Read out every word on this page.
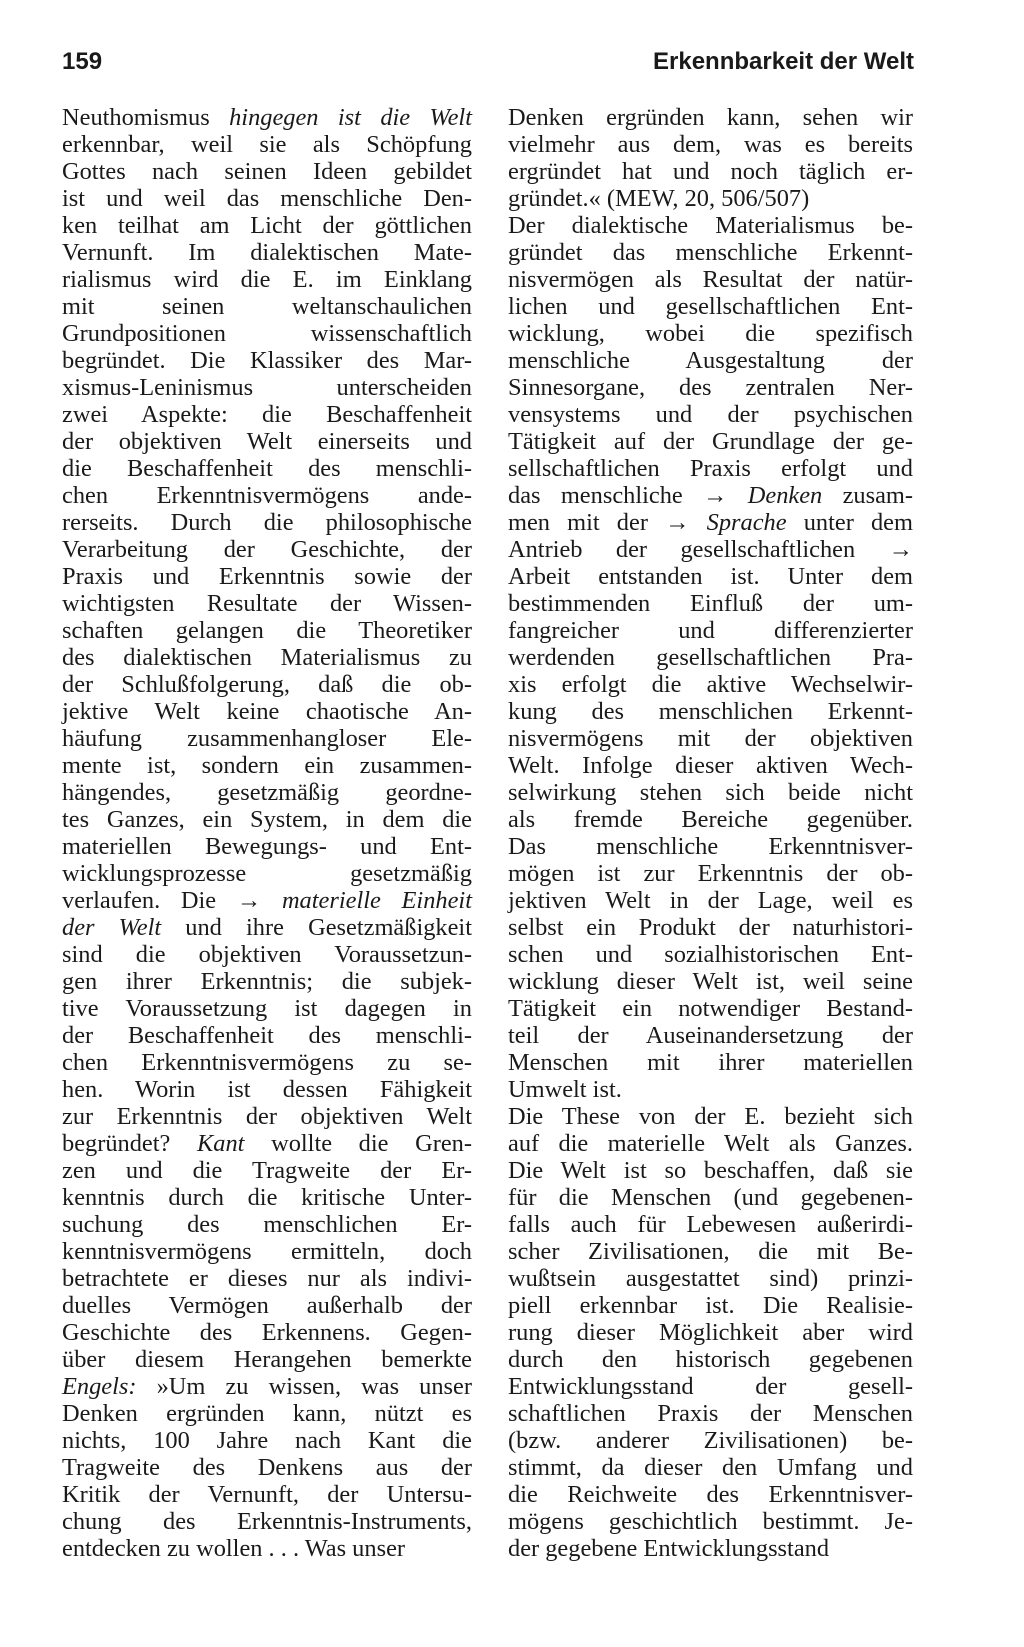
159	Erkennbarkeit der Welt
Neuthomismus hingegen ist die Welt
erkennbar, weil sie als Schöpfung
Gottes nach seinen Ideen gebildet
ist und weil das menschliche Den-
ken teilhat am Licht der göttlichen
Vernunft. Im dialektischen Mate-
rialismus wird die E. im Einklang
mit seinen weltanschaulichen
Grundpositionen wissenschaftlich
begründet. Die Klassiker des Mar-
xismus-Leninismus unterscheiden
zwei Aspekte: die Beschaffenheit
der objektiven Welt einerseits und
die Beschaffenheit des menschli-
chen Erkenntnisvermögens ande-
rerseits. Durch die philosophische
Verarbeitung der Geschichte, der
Praxis und Erkenntnis sowie der
wichtigsten Resultate der Wissen-
schaften gelangen die Theoretiker
des dialektischen Materialismus zu
der Schlußfolgerung, daß die ob-
jektive Welt keine chaotische An-
häufung zusammenhangloser Ele-
mente ist, sondern ein zusammen-
hängendes, gesetzmäßig geordne-
tes Ganzes, ein System, in dem die
materiellen Bewegungs- und Ent-
wicklungsprozesse gesetzmäßig
verlaufen. Die → materielle Einheit
der Welt und ihre Gesetzmäßigkeit
sind die objektiven Voraussetzun-
gen ihrer Erkenntnis; die subjek-
tive Voraussetzung ist dagegen in
der Beschaffenheit des menschli-
chen Erkenntnisvermögens zu se-
hen. Worin ist dessen Fähigkeit
zur Erkenntnis der objektiven Welt
begründet? Kant wollte die Gren-
zen und die Tragweite der Er-
kenntnis durch die kritische Unter-
suchung des menschlichen Er-
kenntnisvermögens ermitteln, doch
betrachtete er dieses nur als indivi-
duelles Vermögen außerhalb der
Geschichte des Erkennens. Gegen-
über diesem Herangehen bemerkte
Engels: »Um zu wissen, was unser
Denken ergründen kann, nützt es
nichts, 100 Jahre nach Kant die
Tragweite des Denkens aus der
Kritik der Vernunft, der Untersu-
chung des Erkenntnis-Instruments,
entdecken zu wollen . . . Was unser
Denken ergründen kann, sehen wir
vielmehr aus dem, was es bereits
ergründet hat und noch täglich er-
gründet.« (MEW, 20, 506/507)
Der dialektische Materialismus be-
gründet das menschliche Erkennt-
nisvermögen als Resultat der natür-
lichen und gesellschaftlichen Ent-
wicklung, wobei die spezifisch
menschliche Ausgestaltung der
Sinnesorgane, des zentralen Ner-
vensystems und der psychischen
Tätigkeit auf der Grundlage der ge-
sellschaftlichen Praxis erfolgt und
das menschliche → Denken zusam-
men mit der → Sprache unter dem
Antrieb der gesellschaftlichen →
Arbeit entstanden ist. Unter dem
bestimmenden Einfluß der um-
fangreicher und differenzierter
werdenden gesellschaftlichen Pra-
xis erfolgt die aktive Wechselwir-
kung des menschlichen Erkennt-
nisvermögens mit der objektiven
Welt. Infolge dieser aktiven Wech-
selwirkung stehen sich beide nicht
als fremde Bereiche gegenüber.
Das menschliche Erkenntnisver-
mögen ist zur Erkenntnis der ob-
jektiven Welt in der Lage, weil es
selbst ein Produkt der naturhistori-
schen und sozialhistorischen Ent-
wicklung dieser Welt ist, weil seine
Tätigkeit ein notwendiger Bestand-
teil der Auseinandersetzung der
Menschen mit ihrer materiellen
Umwelt ist.
Die These von der E. bezieht sich
auf die materielle Welt als Ganzes.
Die Welt ist so beschaffen, daß sie
für die Menschen (und gegebenen-
falls auch für Lebewesen außerirdi-
scher Zivilisationen, die mit Be-
wußtsein ausgestattet sind) prinzi-
piell erkennbar ist. Die Realisie-
rung dieser Möglichkeit aber wird
durch den historisch gegebenen
Entwicklungsstand der gesell-
schaftlichen Praxis der Menschen
(bzw. anderer Zivilisationen) be-
stimmt, da dieser den Umfang und
die Reichweite des Erkenntnisver-
mögens geschichtlich bestimmt. Je-
der gegebene Entwicklungsstand
